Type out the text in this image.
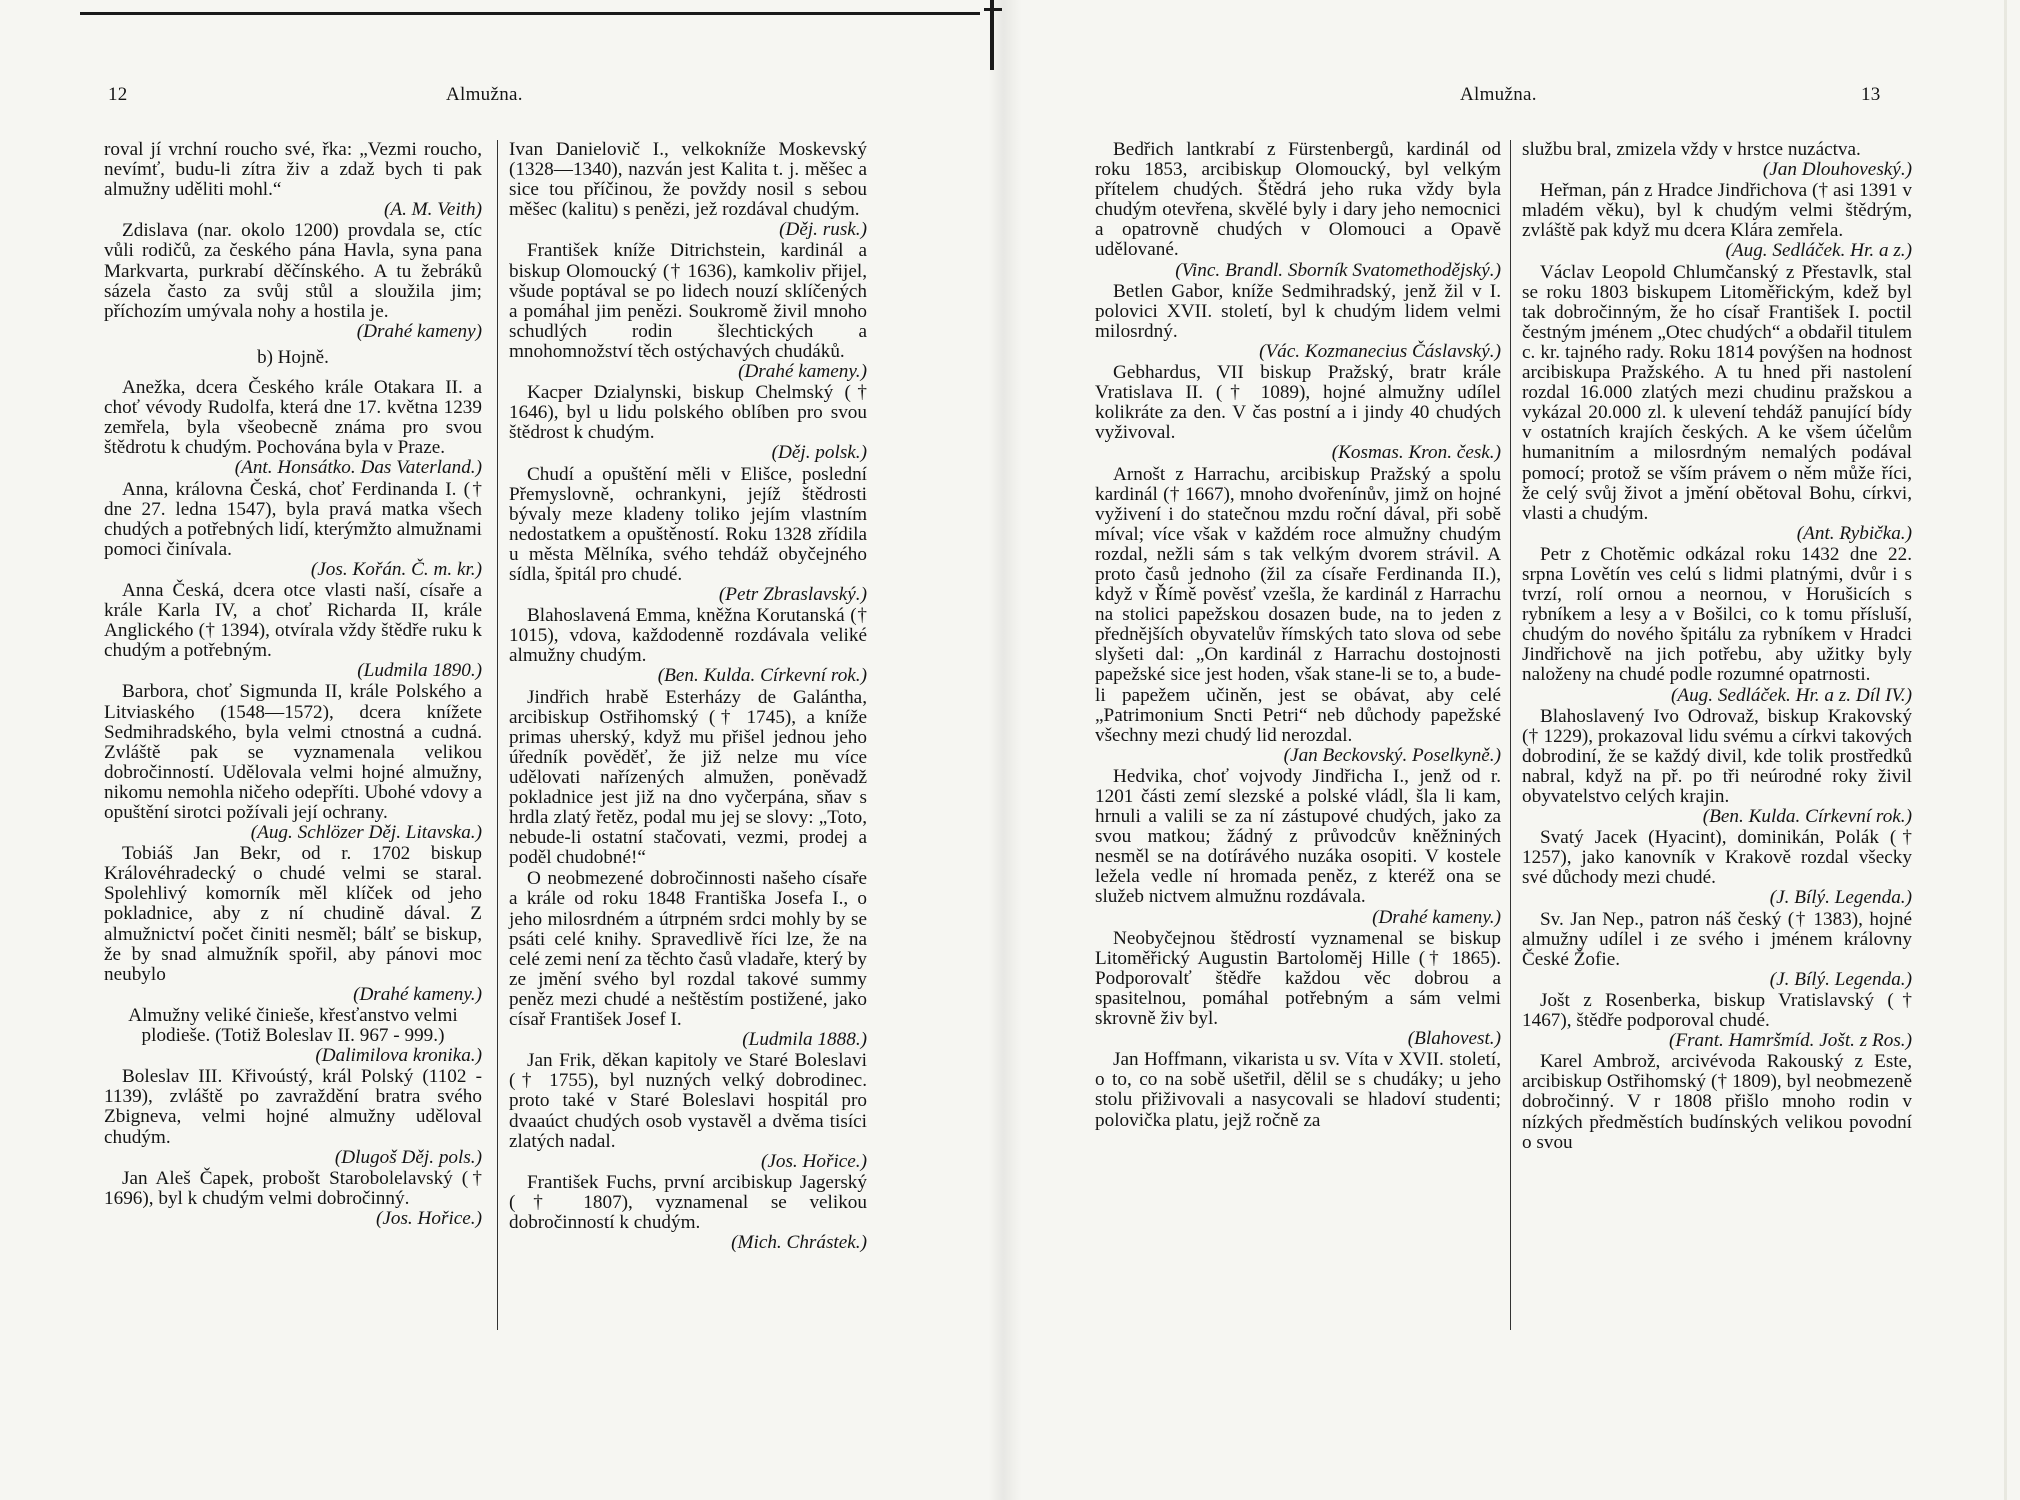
12	Almužna.

roval jí vrchní roucho své, řka: „Vezmi roucho, nevímť, budu-li zítra živ a zdaž bych ti pak almužny uděliti mohl.“
(A. M. Veith)

Zdislava (nar. okolo 1200) provdala se, ctíc vůli rodičů, za českého pána Havla, syna pana Markvarta, purkrabí děčínského. A tu žebráků sázela často za svůj stůl a sloužila jim; příchozím umývala nohy a hostila je.
(Drahé kameny)

b) Hojně.

Anežka, dcera Českého krále Otakara II. a choť vévody Rudolfa, která dne 17. května 1239 zemřela, byla všeobecně známa pro svou štědrotu k chudým. Pochována byla v Praze.
(Ant. Honsátko. Das Vaterland.)

Anna, královna Česká, choť Ferdinanda I. († dne 27. ledna 1547), byla pravá matka všech chudých a potřebných lidí, kterýmžto almužnami pomoci činívala.
(Jos. Kořán. Č. m. kr.)

Anna Česká, dcera otce vlasti naší, císaře a krále Karla IV, a choť Richarda II, krále Anglického († 1394), otvírala vždy štědře ruku k chudým a potřebným.
(Ludmila 1890.)

Barbora, choť Sigmunda II, krále Polského a Litviaského (1548—1572), dcera knížete Sedmihradského, byla velmi ctnostná a cudná. Zvláště pak se vyznamenala velikou dobročinností. Udělovala velmi hojné almužny, nikomu nemohla ničeho odepříti. Ubohé vdovy a opuštění sirotci požívali její ochrany.
(Aug. Schlözer Děj. Litavska.)

Tobiáš Jan Bekr, od r. 1702 biskup Královéhradecký o chudé velmi se staral. Spolehlivý komorník měl klíček od jeho pokladnice, aby z ní chudině dával. Z almužnictví počet činiti nesměl; bálť se biskup, že by snad almužník spořil, aby pánovi moc neubylo
(Drahé kameny.)

Almužny veliké činieše, křesťanstvo velmi plodieše. (Totiž Boleslav II. 967 - 999.)
(Dalimilova kronika.)

Boleslav III. Křivoústý, král Polský (1102 - 1139), zvláště po zavraždění bratra svého Zbigneva, velmi hojné almužny uděloval chudým.
(Dlugoš Děj. pols.)

Jan Aleš Čapek, probošt Starobolelavský († 1696), byl k chudým velmi dobročinný.
(Jos. Hořice.)

Ivan Danielovič I., velkokníže Moskevský (1328—1340), nazván jest Kalita t. j. měšec a sice tou příčinou, že povždy nosil s sebou měšec (kalitu) s penězi, jež rozdával chudým.
(Děj. rusk.)

František kníže Ditrichstein, kardinál a biskup Olomoucký († 1636), kamkoliv přijel, všude poptával se po lidech nouzí sklíčených a pomáhal jim penězi. Soukromě živil mnoho schudlých rodin šlechtických a mnohomnožství těch ostýchavých chudáků.
(Drahé kameny.)

Kacper Dzialynski, biskup Chelmský († 1646), byl u lidu polského oblíben pro svou štědrost k chudým.
(Děj. polsk.)

Chudí a opuštění měli v Elišce, poslední Přemyslovně, ochrankyni, jejíž štědrosti bývaly meze kladeny toliko jejím vlastním nedostatkem a opuštěností. Roku 1328 zřídila u města Mělníka, svého tehdáž obyčejného sídla, špitál pro chudé.
(Petr Zbraslavský.)

Blahoslavená Emma, kněžna Korutanská († 1015), vdova, každodenně rozdávala veliké almužny chudým.
(Ben. Kulda. Církevní rok.)

Jindřich hrabě Esterházy de Galántha, arcibiskup Ostřihomský († 1745), a kníže primas uherský, když mu přišel jednou jeho úředník pověděť, že již nelze mu více udělovati nařízených almužen, poněvadž pokladnice jest již na dno vyčerpána, sňav s hrdla zlatý řetěz, podal mu jej se slovy: „Toto, nebude-li ostatní stačovati, vezmi, prodej a poděl chudobné!“

O neobmezené dobročinnosti našeho císaře a krále od roku 1848 Františka Josefa I., o jeho milosrdném a útrpném srdci mohly by se psáti celé knihy. Spravedlivě říci lze, že na celé zemi není za těchto časů vladaře, který by ze jmění svého byl rozdal takové summy peněz mezi chudé a neštěstím postižené, jako císař František Josef I.
(Ludmila 1888.)

Jan Frik, děkan kapitoly ve Staré Boleslavi († 1755), byl nuzných velký dobrodinec. proto také v Staré Boleslavi hospitál pro dvaaúct chudých osob vystavěl a dvěma tisíci zlatých nadal.
(Jos. Hořice.)

František Fuchs, první arcibiskup Jagerský († 1807), vyznamenal se velikou dobročinností k chudým.
(Mich. Chrástek.)

Almužna.	13

Bedřich lantkrabí z Fürstenbergů, kardinál od roku 1853, arcibiskup Olomoucký, byl velkým přítelem chudých. Štědrá jeho ruka vždy byla chudým otevřena, skvělé byly i dary jeho nemocnici a opatrovně chudých v Olomouci a Opavě udělované.
(Vinc. Brandl. Sborník Svatomethodějský.)

Betlen Gabor, kníže Sedmihradský, jenž žil v I. polovici XVII. století, byl k chudým lidem velmi milosrdný.
(Vác. Kozmanecius Čáslavský.)

Gebhardus, VII biskup Pražský, bratr krále Vratislava II. († 1089), hojné almužny udílel kolikráte za den. V čas postní a i jindy 40 chudých vyživoval.
(Kosmas. Kron. česk.)

Arnošt z Harrachu, arcibiskup Pražský a spolu kardinál († 1667), mnoho dvořenínův, jimž on hojné vyživení i do statečnou mzdu roční dával, při sobě míval; více však v každém roce almužny chudým rozdal, nežli sám s tak velkým dvorem strávil. A proto časů jednoho (žil za císaře Ferdinanda II.), když v Římě pověsť vzešla, že kardinál z Harrachu na stolici papežskou dosazen bude, na to jeden z přednějších obyvatelův římských tato slova od sebe slyšeti dal: „On kardinál z Harrachu dostojnosti papežské sice jest hoden, však stane-li se to, a bude-li papežem učiněn, jest se obávat, aby celé „Patrimonium Sncti Petri“ neb důchody papežské všechny mezi chudý lid nerozdal.
(Jan Beckovský. Poselkyně.)

Hedvika, choť vojvody Jindřicha I., jenž od r. 1201 části zemí slezské a polské vládl, šla li kam, hrnuli a valili se za ní zástupové chudých, jako za svou matkou; žádný z průvodcův kněžniných nesměl se na dotírávého nuzáka osopiti. V kostele ležela vedle ní hromada peněz, z kteréž ona se služeb nictvem almužnu rozdávala.
(Drahé kameny.)

Neobyčejnou štědrostí vyznamenal se biskup Litoměřický Augustin Bartoloměj Hille († 1865). Podporovalť štědře každou věc dobrou a spasitelnou, pomáhal potřebným a sám velmi skrovně živ byl.
(Blahovest.)

Jan Hoffmann, vikarista u sv. Víta v XVII. století, o to, co na sobě ušetřil, dělil se s chudáky; u jeho stolu přiživovali a nasycovali se hladoví studenti; polovička platu, jejž ročně za

službu bral, zmizela vždy v hrstce nuzáctva.
(Jan Dlouhoveský.)

Heřman, pán z Hradce Jindřichova († asi 1391 v mladém věku), byl k chudým velmi štědrým, zvláště pak když mu dcera Klára zemřela.
(Aug. Sedláček. Hr. a z.)

Václav Leopold Chlumčanský z Přestavlk, stal se roku 1803 biskupem Litoměřickým, kdež byl tak dobročinným, že ho císař František I. poctil čestným jménem „Otec chudých“ a obdařil titulem c. kr. tajného rady. Roku 1814 povýšen na hodnost arcibiskupa Pražského. A tu hned při nastolení rozdal 16.000 zlatých mezi chudinu pražskou a vykázal 20.000 zl. k ulevení tehdáž panující bídy v ostatních krajích českých. A ke všem účelům humanitním a milosrdným nemalých podával pomocí; protož se vším právem o něm může říci, že celý svůj život a jmění obětoval Bohu, církvi, vlasti a chudým.
(Ant. Rybička.)

Petr z Chotěmic odkázal roku 1432 dne 22. srpna Lovětín ves celú s lidmi platnými, dvůr i s tvrzí, rolí ornou a neornou, v Horušicích s rybníkem a lesy a v Bošilci, co k tomu přísluší, chudým do nového špitálu za rybníkem v Hradci Jindřichově na jich potřebu, aby užitky byly naloženy na chudé podle rozumné opatrnosti.
(Aug. Sedláček. Hr. a z. Díl IV.)

Blahoslavený Ivo Odrovaž, biskup Krakovský († 1229), prokazoval lidu svému a církvi takových dobrodiní, že se každý divil, kde tolik prostředků nabral, když na př. po tři neúrodné roky živil obyvatelstvo celých krajin.
(Ben. Kulda. Církevní rok.)

Svatý Jacek (Hyacint), dominikán, Polák († 1257), jako kanovník v Krakově rozdal všecky své důchody mezi chudé.
(J. Bílý. Legenda.)

Sv. Jan Nep., patron náš český († 1383), hojné almužny udílel i ze svého i jménem královny České Žofie.
(J. Bílý. Legenda.)

Jošt z Rosenberka, biskup Vratislavský († 1467), štědře podporoval chudé.
(Frant. Hamršmíd. Jošt. z Ros.)

Karel Ambrož, arcivévoda Rakouský z Este, arcibiskup Ostřihomský († 1809), byl neobmezeně dobročinný. V r 1808 přišlo mnoho rodin v nízkých předměstích budínských velikou povodní o svou
